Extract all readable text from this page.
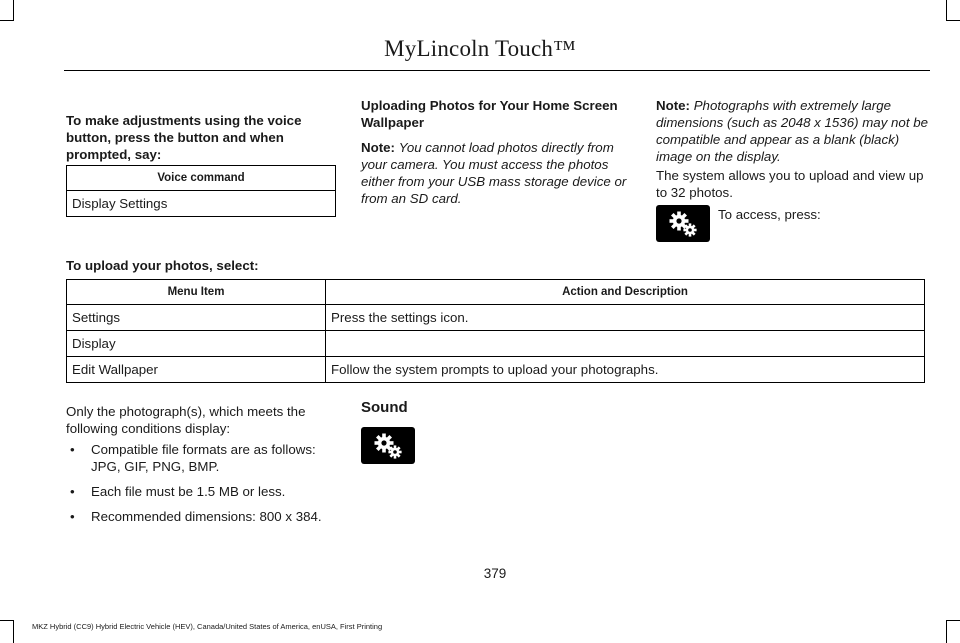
MyLincoln Touch™
To make adjustments using the voice button, press the button and when prompted, say:
Voice command
Display Settings
Uploading Photos for Your Home Screen Wallpaper
Note: You cannot load photos directly from your camera. You must access the photos either from your USB mass storage device or from an SD card.
Note: Photographs with extremely large dimensions (such as 2048 x 1536) may not be compatible and appear as a blank (black) image on the display.
The system allows you to upload and view up to 32 photos.
To access, press:
To upload your photos, select:
Menu Item	Action and Description
Settings	Press the settings icon.
Display	
Edit Wallpaper	Follow the system prompts to upload your photographs.
Only the photograph(s), which meets the following conditions display:
• Compatible file formats are as follows: JPG, GIF, PNG, BMP.
• Each file must be 1.5 MB or less.
• Recommended dimensions: 800 x 384.
Sound
379
MKZ Hybrid (CC9) Hybrid Electric Vehicle (HEV), Canada/United States of America, enUSA, First Printing
